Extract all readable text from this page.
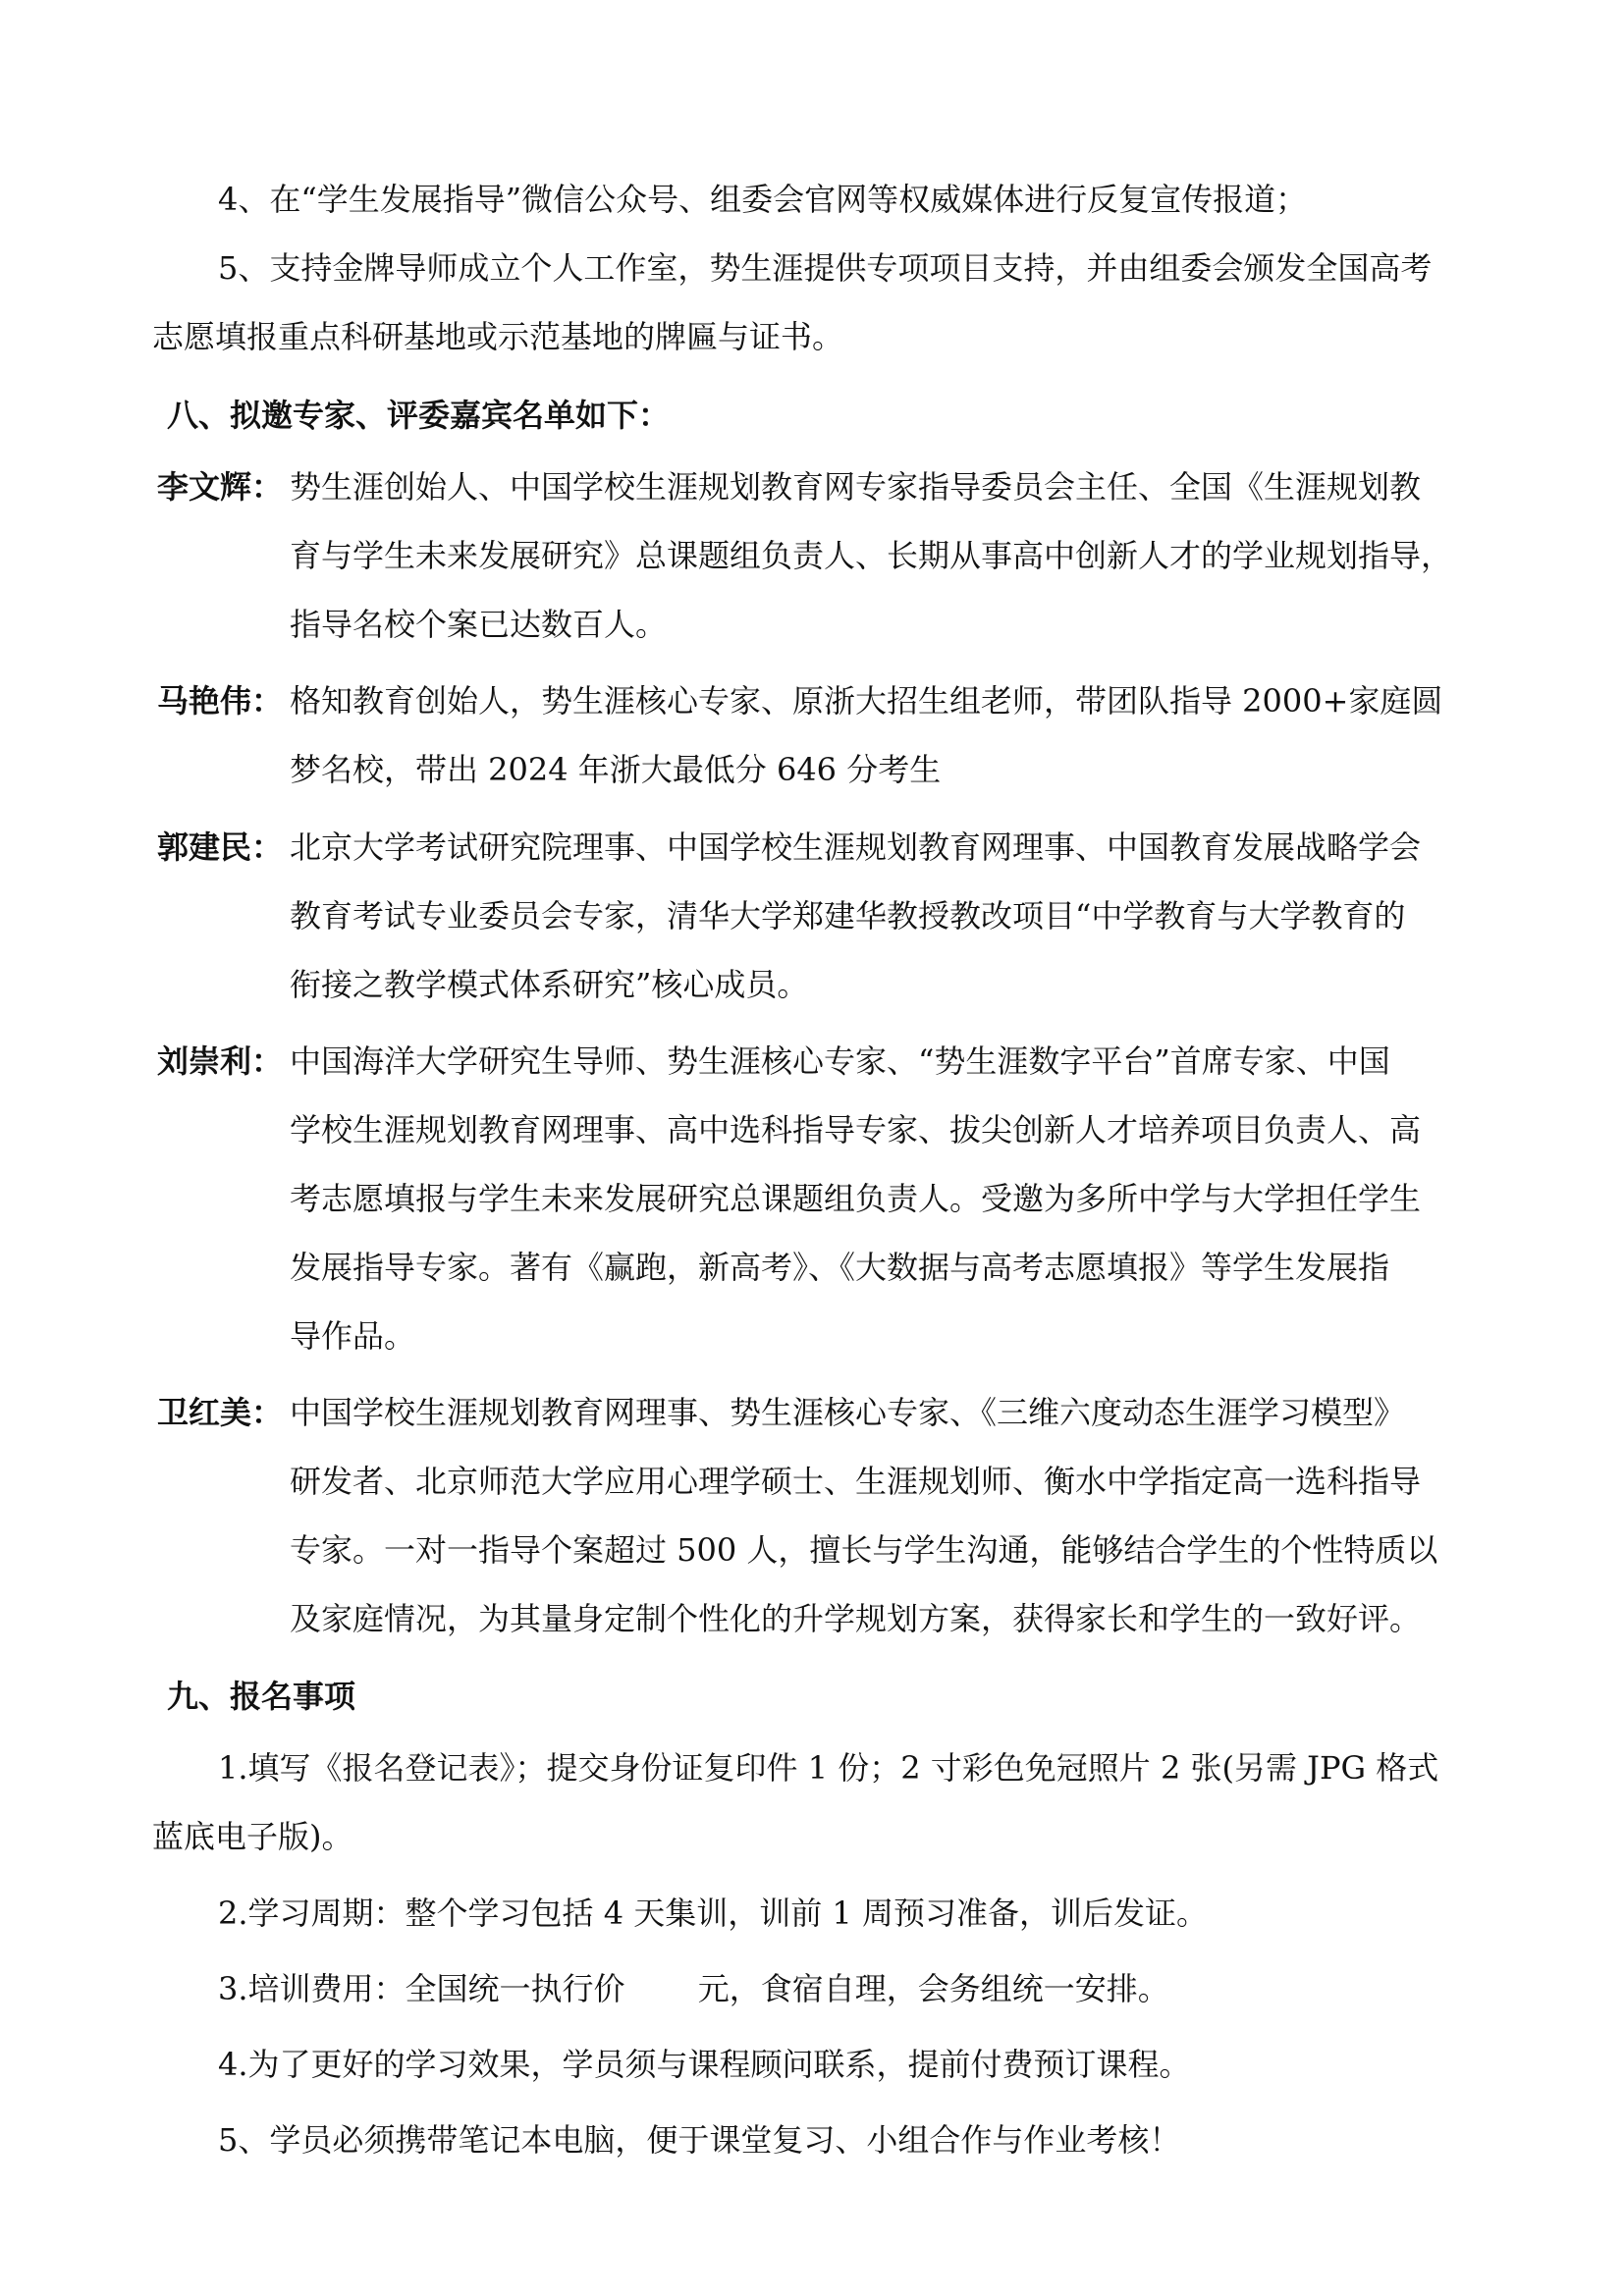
4、在“学生发展指导”微信公众号、组委会官网等权威媒体进行反复宣传报道；
5、支持金牌导师成立个人工作室，势生涯提供专项项目支持，并由组委会颁发全国高考
志愿填报重点科研基地或示范基地的牌匾与证书。
八、拟邀专家、评委嘉宾名单如下：
李文辉： 势生涯创始人、中国学校生涯规划教育网专家指导委员会主任、全国《生涯规划教
育与学生未来发展研究》总课题组负责人、长期从事高中创新人才的学业规划指导，
指导名校个案已达数百人。
马艳伟： 格知教育创始人，势生涯核心专家、原浙大招生组老师，带团队指导 2000+家庭圆
梦名校，带出 2024 年浙大最低分 646 分考生
郭建民： 北京大学考试研究院理事、中国学校生涯规划教育网理事、中国教育发展战略学会
教育考试专业委员会专家，清华大学郑建华教授教改项目“中学教育与大学教育的
衔接之教学模式体系研究”核心成员。
刘崇利： 中国海洋大学研究生导师、势生涯核心专家、“势生涯数字平台”首席专家、中国
学校生涯规划教育网理事、高中选科指导专家、拔尖创新人才培养项目负责人、高
考志愿填报与学生未来发展研究总课题组负责人。受邀为多所中学与大学担任学生
发展指导专家。著有《赢跑，新高考》、《大数据与高考志愿填报》等学生发展指
导作品。
卫红美： 中国学校生涯规划教育网理事、势生涯核心专家、《三维六度动态生涯学习模型》
研发者、北京师范大学应用心理学硕士、生涯规划师、衡水中学指定高一选科指导
专家。一对一指导个案超过 500 人，擅长与学生沟通，能够结合学生的个性特质以
及家庭情况，为其量身定制个性化的升学规划方案，获得家长和学生的一致好评。
九、报名事项
1.填写《报名登记表》；提交身份证复印件 1 份；2 寸彩色免冠照片 2 张(另需 JPG 格式
蓝底电子版)。
2.学习周期：整个学习包括 4 天集训，训前 1 周预习准备，训后发证。
3.培训费用：全国统一执行价　　 元，食宿自理，会务组统一安排。
4.为了更好的学习效果，学员须与课程顾问联系，提前付费预订课程。
5、学员必须携带笔记本电脑，便于课堂复习、小组合作与作业考核！
